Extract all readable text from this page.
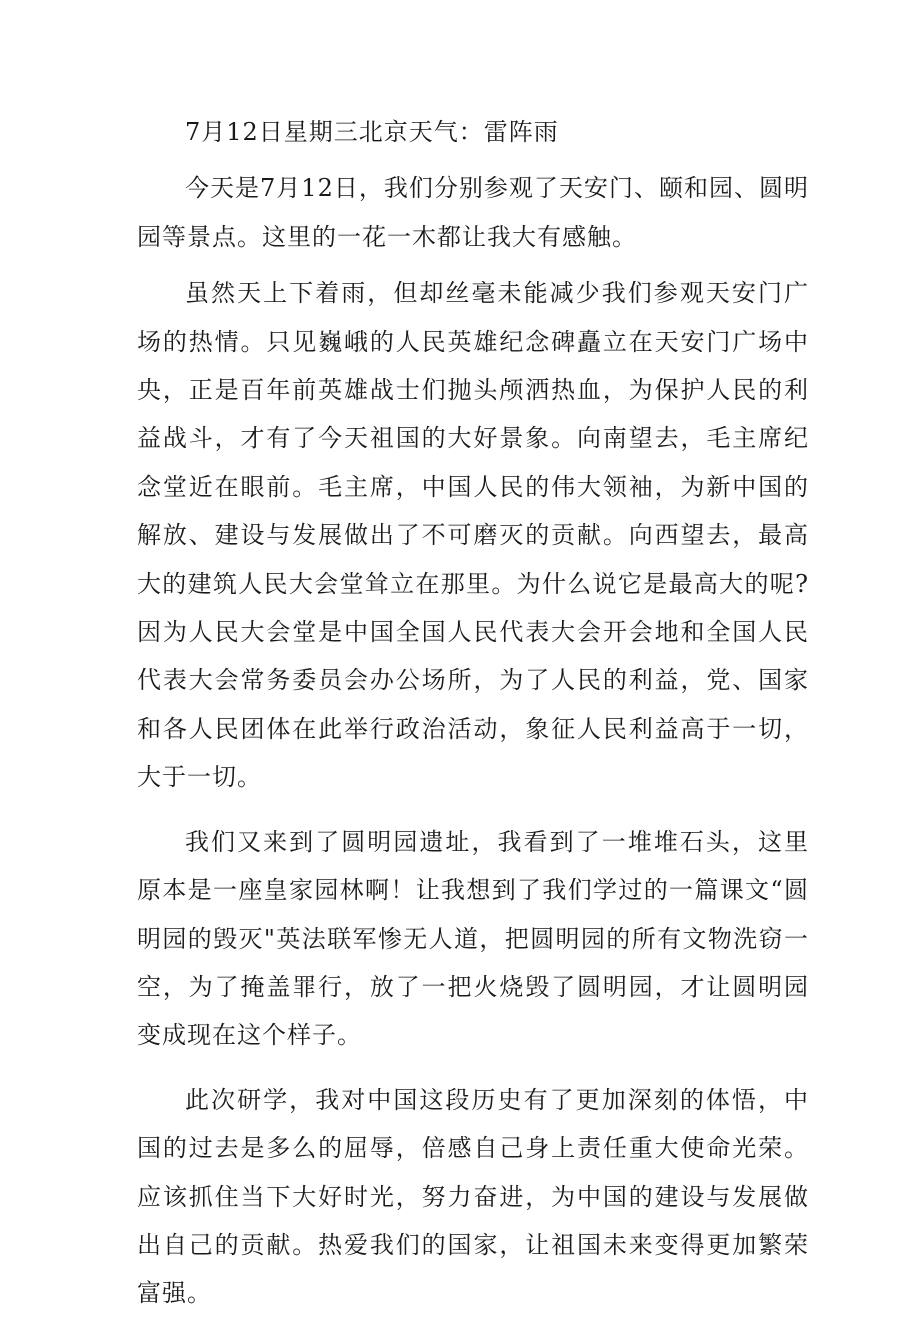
7月12日星期三北京天气：雷阵雨

今天是7月12日，我们分别参观了天安门、颐和园、圆明园等景点。这里的一花一木都让我大有感触。

虽然天上下着雨，但却丝毫未能减少我们参观天安门广场的热情。只见巍峨的人民英雄纪念碑矗立在天安门广场中央，正是百年前英雄战士们抛头颅洒热血，为保护人民的利益战斗，才有了今天祖国的大好景象。向南望去，毛主席纪念堂近在眼前。毛主席，中国人民的伟大领袖，为新中国的解放、建设与发展做出了不可磨灭的贡献。向西望去，最高大的建筑人民大会堂耸立在那里。为什么说它是最高大的呢?因为人民大会堂是中国全国人民代表大会开会地和全国人民代表大会常务委员会办公场所，为了人民的利益，党、国家和各人民团体在此举行政治活动，象征人民利益高于一切，大于一切。

我们又来到了圆明园遗址，我看到了一堆堆石头，这里原本是一座皇家园林啊！让我想到了我们学过的一篇课文“圆明园的毁灭"英法联军惨无人道，把圆明园的所有文物洗窃一空，为了掩盖罪行，放了一把火烧毁了圆明园，才让圆明园变成现在这个样子。

此次研学，我对中国这段历史有了更加深刻的体悟，中国的过去是多么的屈辱，倍感自己身上责任重大使命光荣。应该抓住当下大好时光，努力奋进，为中国的建设与发展做出自己的贡献。热爱我们的国家，让祖国未来变得更加繁荣富强。
